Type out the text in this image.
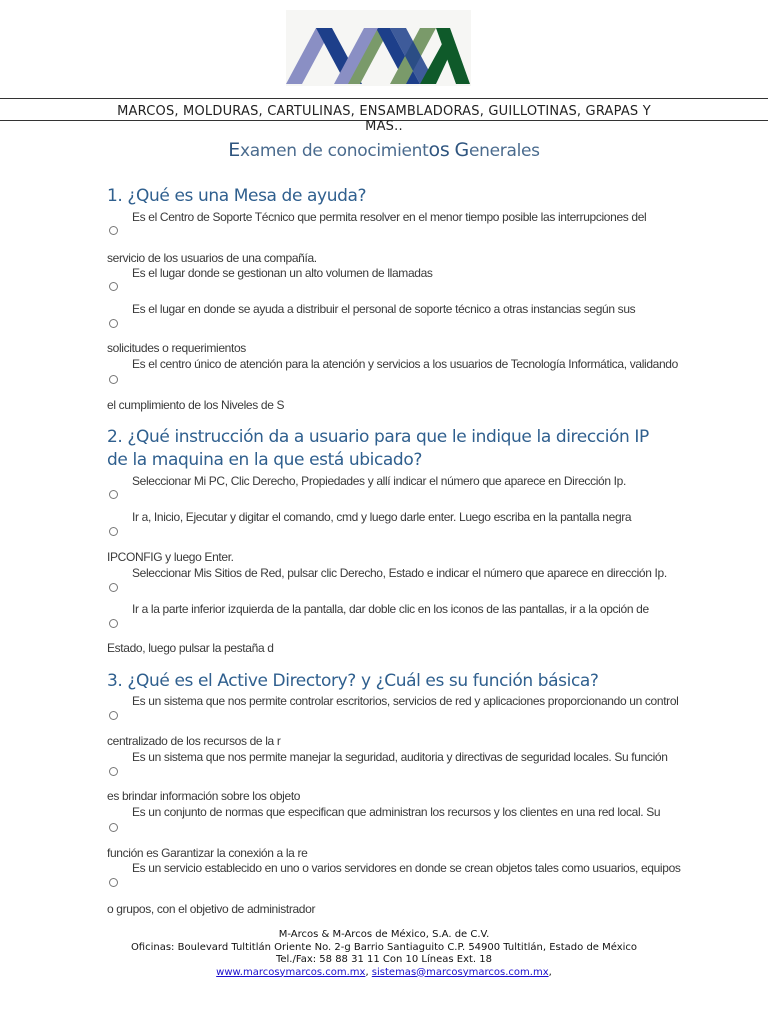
MARCOS, MOLDURAS, CARTULINAS, ENSAMBLADORAS, GUILLOTINAS, GRAPAS Y MAS..
Examen de conocimientos Generales
1. ¿Qué es una Mesa de ayuda?
Es el Centro de Soporte Técnico que permita resolver en el menor tiempo posible las interrupciones del
servicio de los usuarios de una compañía.
Es el lugar donde se gestionan un alto volumen de llamadas
Es el lugar en donde se ayuda a distribuir el personal de soporte técnico a otras instancias según sus
solicitudes o requerimientos
Es el centro único de atención para la atención y servicios a los usuarios de Tecnología Informática, validando
el cumplimiento de los Niveles de S
2. ¿Qué instrucción da a usuario para que le indique la dirección IP de la maquina en la que está ubicado?
Seleccionar Mi PC, Clic Derecho, Propiedades y allí indicar el número que aparece en Dirección Ip.
Ir a, Inicio, Ejecutar y digitar el comando, cmd y luego darle enter. Luego escriba en la pantalla negra
IPCONFIG y luego Enter.
Seleccionar Mis Sitios de Red, pulsar clic Derecho, Estado e indicar el número que aparece en dirección Ip.
Ir a la parte inferior izquierda de la pantalla, dar doble clic en los iconos de las pantallas, ir a la opción de
Estado, luego pulsar la pestaña d
3. ¿Qué es el Active Directory? y ¿Cuál es su función básica?
Es un sistema que nos permite controlar escritorios, servicios de red y aplicaciones proporcionando un control
centralizado de los recursos de la r
Es un sistema que nos permite manejar la seguridad, auditoria y directivas de seguridad locales. Su función
es brindar información sobre los objeto
Es un conjunto de normas que especifican que administran los recursos y los clientes en una red local. Su
función es Garantizar la conexión a la re
Es un servicio establecido en uno o varios servidores en donde se crean objetos tales como usuarios, equipos
o grupos, con el objetivo de administrador
M-Arcos & M-Arcos de México, S.A. de C.V.
Oficinas: Boulevard Tultitlán Oriente No. 2-g Barrio Santiaguito C.P. 54900 Tultitlán, Estado de México
Tel./Fax: 58 88 31 11 Con 10 Líneas Ext. 18
www.marcosymarcos.com.mx, sistemas@marcosymarcos.com.mx,
